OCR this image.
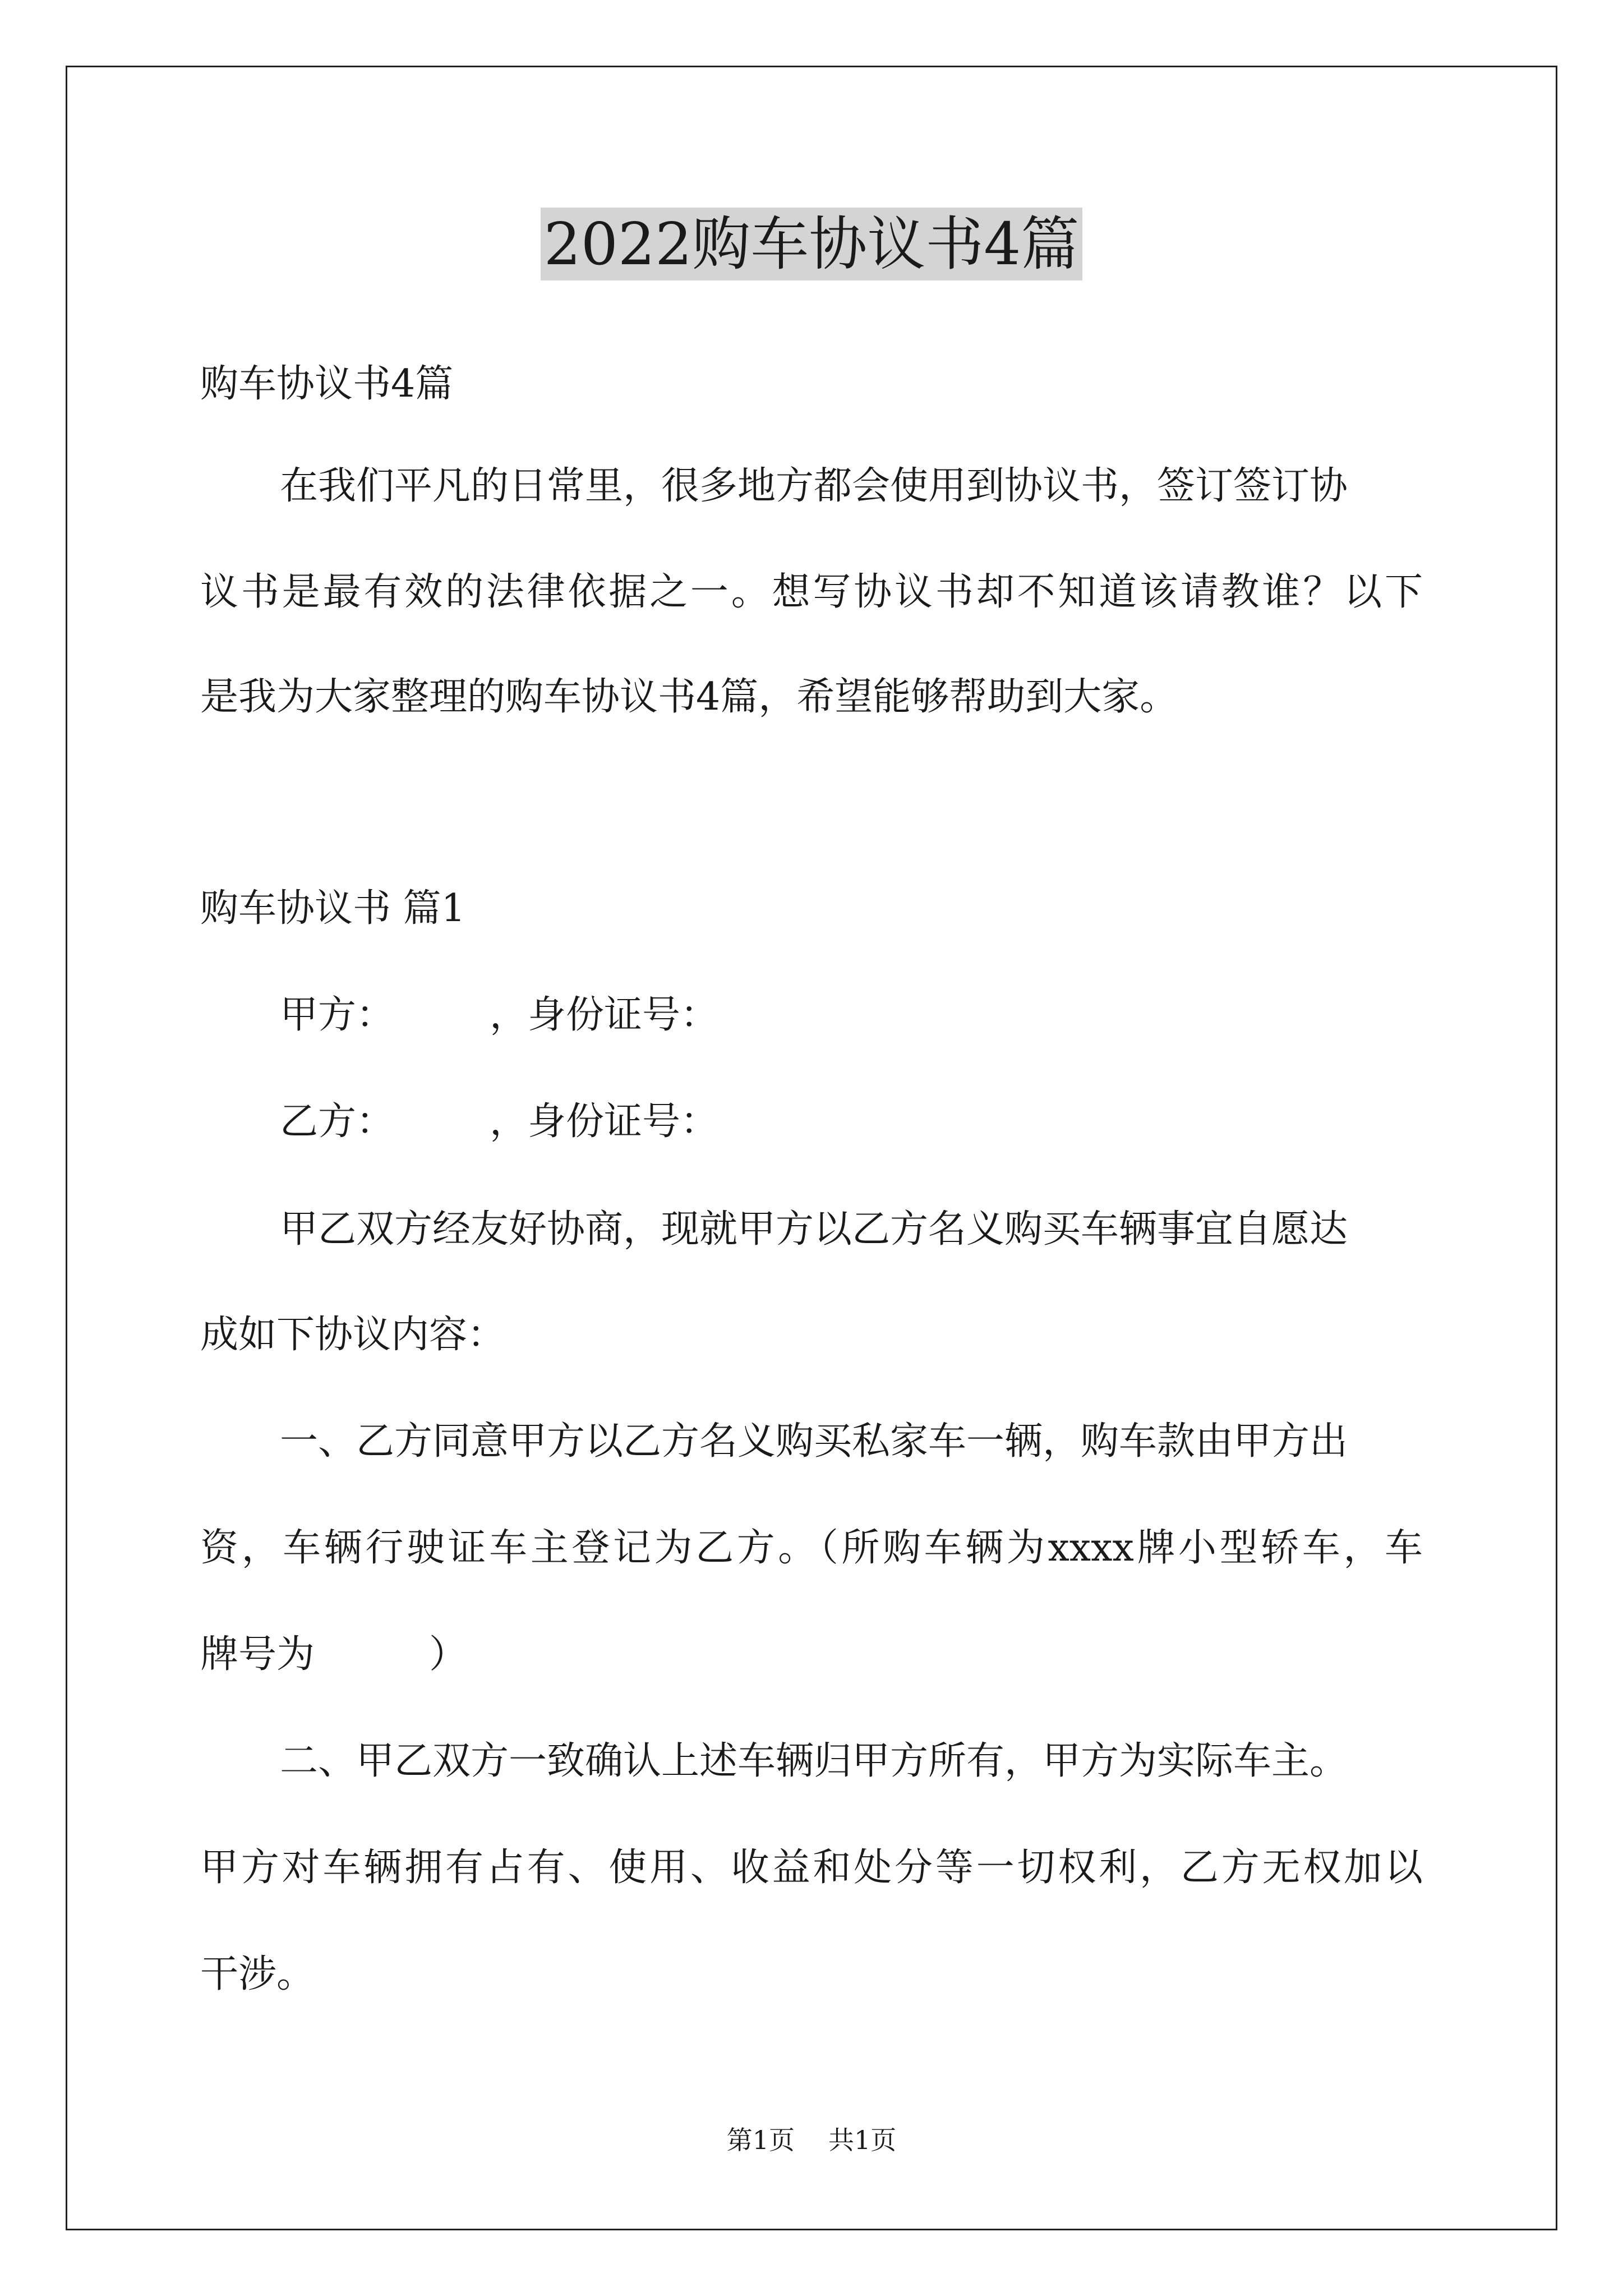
2022购车协议书4篇
购车协议书4篇
在我们平凡的日常里，很多地方都会使用到协议书，签订签订协
议书是最有效的法律依据之一。想写协议书却不知道该请教谁？以下
是我为大家整理的购车协议书4篇，希望能够帮助到大家。
购车协议书 篇1
甲方：　　　，身份证号：
乙方：　　　，身份证号：
甲乙双方经友好协商，现就甲方以乙方名义购买车辆事宜自愿达
成如下协议内容：
一、乙方同意甲方以乙方名义购买私家车一辆，购车款由甲方出
资，车辆行驶证车主登记为乙方。（所购车辆为xxxx牌小型轿车，车
牌号为　　　）
二、甲乙双方一致确认上述车辆归甲方所有，甲方为实际车主。
甲方对车辆拥有占有、使用、收益和处分等一切权利，乙方无权加以
干涉。
第1页 共1页
